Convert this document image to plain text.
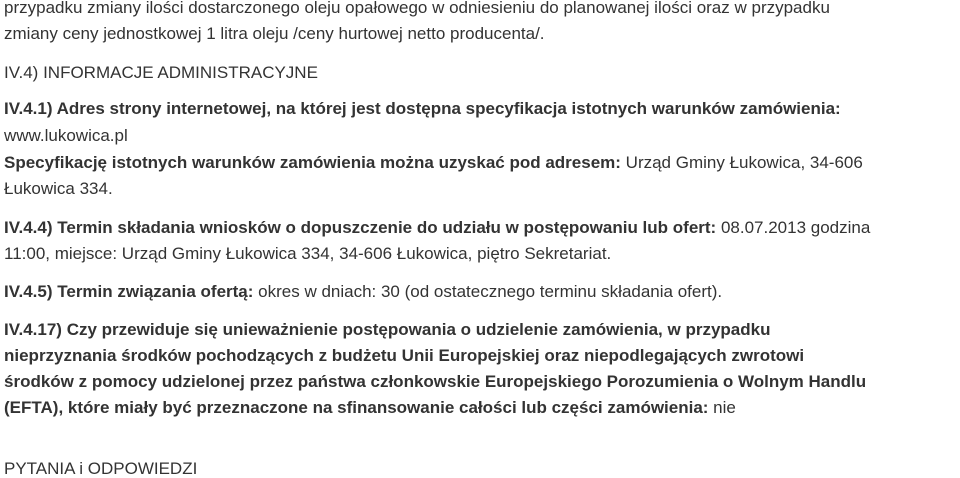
przypadku zmiany ilości dostarczonego oleju opałowego w odniesieniu do planowanej ilości oraz w przypadku
zmiany ceny jednostkowej 1 litra oleju /ceny hurtowej netto producenta/.
IV.4) INFORMACJE ADMINISTRACYJNE
IV.4.1) Adres strony internetowej, na której jest dostępna specyfikacja istotnych warunków zamówienia:
www.lukowica.pl
Specyfikację istotnych warunków zamówienia można uzyskać pod adresem: Urząd Gminy Łukowica, 34-606
Łukowica 334.
IV.4.4) Termin składania wniosków o dopuszczenie do udziału w postępowaniu lub ofert: 08.07.2013 godzina
11:00, miejsce: Urząd Gminy Łukowica 334, 34-606 Łukowica, piętro Sekretariat.
IV.4.5) Termin związania ofertą: okres w dniach: 30 (od ostatecznego terminu składania ofert).
IV.4.17) Czy przewiduje się unieważnienie postępowania o udzielenie zamówienia, w przypadku
nieprzyznania środków pochodzących z budżetu Unii Europejskiej oraz niepodlegających zwrotowi
środków z pomocy udzielonej przez państwa członkowskie Europejskiego Porozumienia o Wolnym Handlu
(EFTA), które miały być przeznaczone na sfinansowanie całości lub części zamówienia: nie
PYTANIA i ODPOWIEDZI
